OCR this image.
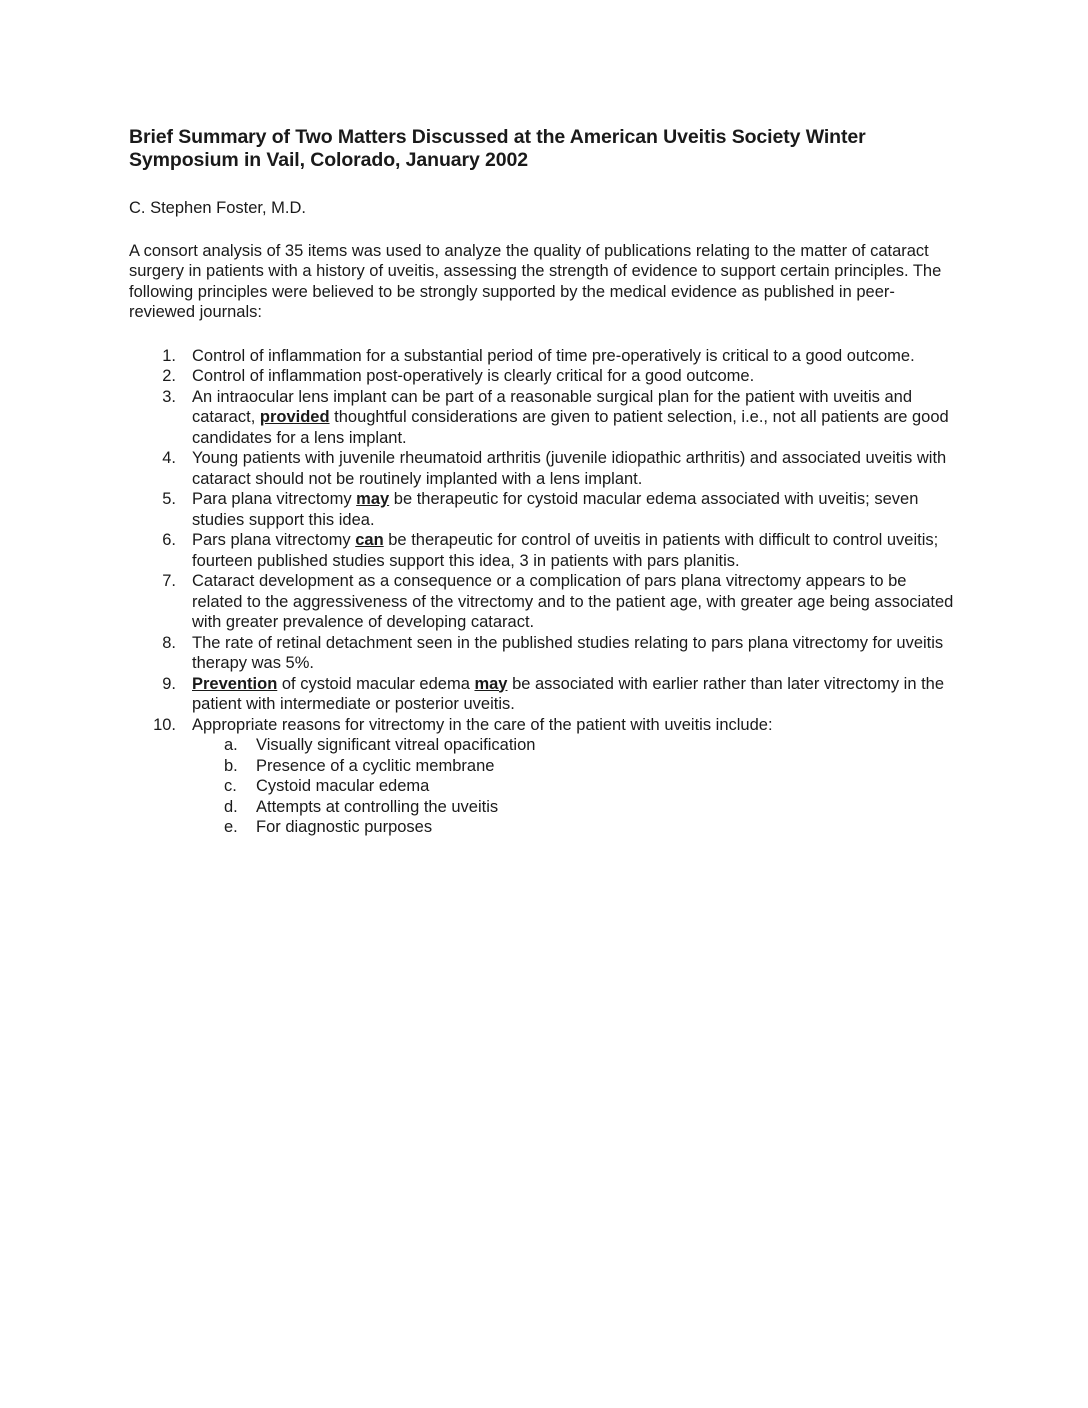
Brief Summary of Two Matters Discussed at the American Uveitis Society Winter
Symposium in Vail, Colorado, January 2002

C. Stephen Foster, M.D.

A consort analysis of 35 items was used to analyze the quality of publications relating to the matter of cataract surgery in patients with a history of uveitis, assessing the strength of evidence to support certain principles. The following principles were believed to be strongly supported by the medical evidence as published in peer-reviewed journals:

1. Control of inflammation for a substantial period of time pre-operatively is critical to a good outcome.
2. Control of inflammation post-operatively is clearly critical for a good outcome.
3. An intraocular lens implant can be part of a reasonable surgical plan for the patient with uveitis and cataract, provided thoughtful considerations are given to patient selection, i.e., not all patients are good candidates for a lens implant.
4. Young patients with juvenile rheumatoid arthritis (juvenile idiopathic arthritis) and associated uveitis with cataract should not be routinely implanted with a lens implant.
5. Para plana vitrectomy may be therapeutic for cystoid macular edema associated with uveitis; seven studies support this idea.
6. Pars plana vitrectomy can be therapeutic for control of uveitis in patients with difficult to control uveitis; fourteen published studies support this idea, 3 in patients with pars planitis.
7. Cataract development as a consequence or a complication of pars plana vitrectomy appears to be related to the aggressiveness of the vitrectomy and to the patient age, with greater age being associated with greater prevalence of developing cataract.
8. The rate of retinal detachment seen in the published studies relating to pars plana vitrectomy for uveitis therapy was 5%.
9. Prevention of cystoid macular edema may be associated with earlier rather than later vitrectomy in the patient with intermediate or posterior uveitis.
10. Appropriate reasons for vitrectomy in the care of the patient with uveitis include:
a. Visually significant vitreal opacification
b. Presence of a cyclitic membrane
c. Cystoid macular edema
d. Attempts at controlling the uveitis
e. For diagnostic purposes
